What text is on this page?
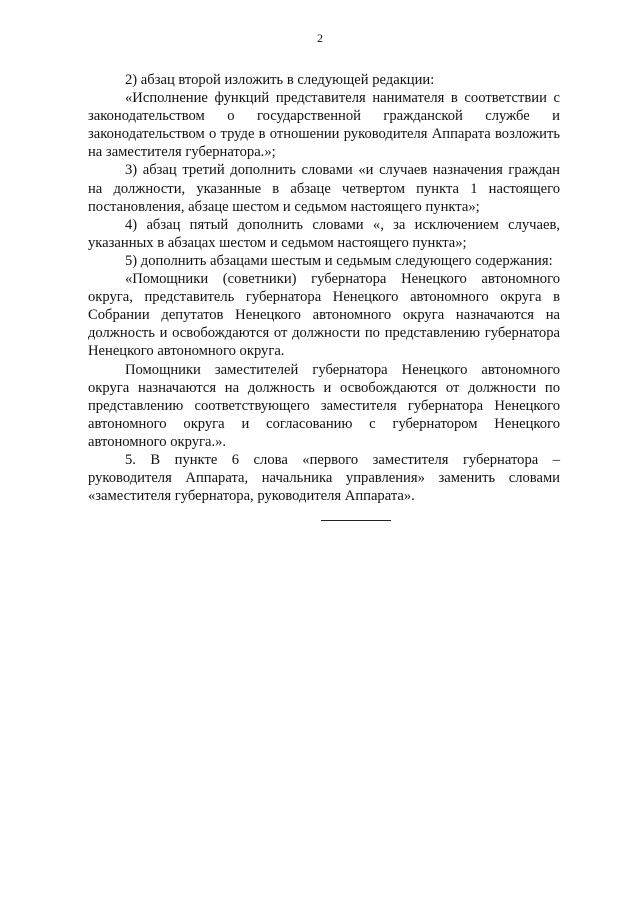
2

2) абзац второй изложить в следующей редакции:

«Исполнение функций представителя нанимателя в соответствии с законодательством о государственной гражданской службе и законодательством о труде в отношении руководителя Аппарата возложить на заместителя губернатора.»;

3) абзац третий дополнить словами «и случаев назначения граждан на должности, указанные в абзаце четвертом пункта 1 настоящего постановления, абзаце шестом и седьмом настоящего пункта»;

4) абзац пятый дополнить словами «, за исключением случаев, указанных в абзацах шестом и седьмом настоящего пункта»;

5) дополнить абзацами шестым и седьмым следующего содержания:

«Помощники (советники) губернатора Ненецкого автономного округа, представитель губернатора Ненецкого автономного округа в Собрании депутатов Ненецкого автономного округа назначаются на должность и освобождаются от должности по представлению губернатора Ненецкого автономного округа.

Помощники заместителей губернатора Ненецкого автономного округа назначаются на должность и освобождаются от должности по представлению соответствующего заместителя губернатора Ненецкого автономного округа и согласованию с губернатором Ненецкого автономного округа.».

5. В пункте 6 слова «первого заместителя губернатора – руководителя Аппарата, начальника управления» заменить словами «заместителя губернатора, руководителя Аппарата».
